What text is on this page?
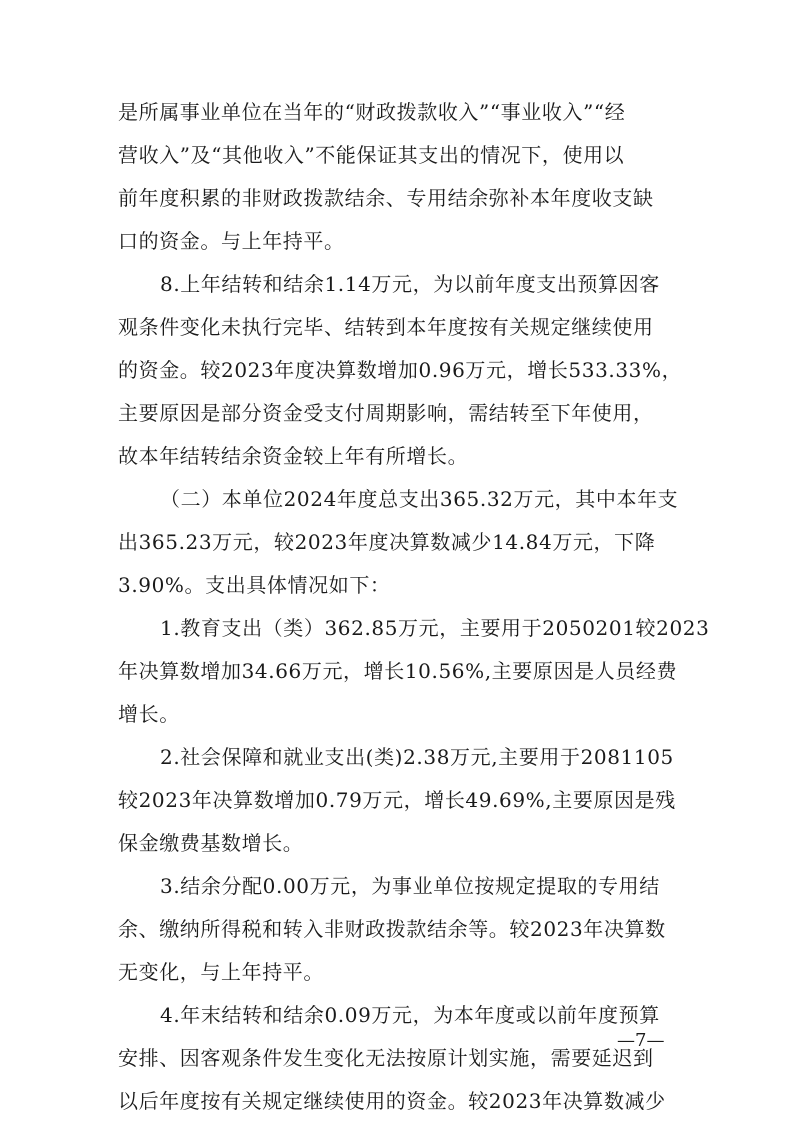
是所属事业单位在当年的“财政拨款收入”“事业收入”“经
营收入”及“其他收入”不能保证其支出的情况下，使用以
前年度积累的非财政拨款结余、专用结余弥补本年度收支缺
口的资金。与上年持平。
8.上年结转和结余1.14万元，为以前年度支出预算因客
观条件变化未执行完毕、结转到本年度按有关规定继续使用
的资金。较2023年度决算数增加0.96万元，增长533.33%，
主要原因是部分资金受支付周期影响，需结转至下年使用，
故本年结转结余资金较上年有所增长。
（二）本单位2024年度总支出365.32万元，其中本年支
出365.23万元，较2023年度决算数减少14.84万元，下降
3.90%。支出具体情况如下：
1.教育支出（类）362.85万元，主要用于2050201较2023
年决算数增加34.66万元，增长10.56%,主要原因是人员经费
增长。
2.社会保障和就业支出(类)2.38万元,主要用于2081105
较2023年决算数增加0.79万元，增长49.69%,主要原因是残
保金缴费基数增长。
3.结余分配0.00万元，为事业单位按规定提取的专用结
余、缴纳所得税和转入非财政拨款结余等。较2023年决算数
无变化，与上年持平。
4.年末结转和结余0.09万元，为本年度或以前年度预算
安排、因客观条件发生变化无法按原计划实施，需要延迟到
以后年度按有关规定继续使用的资金。较2023年决算数减少
—7—
